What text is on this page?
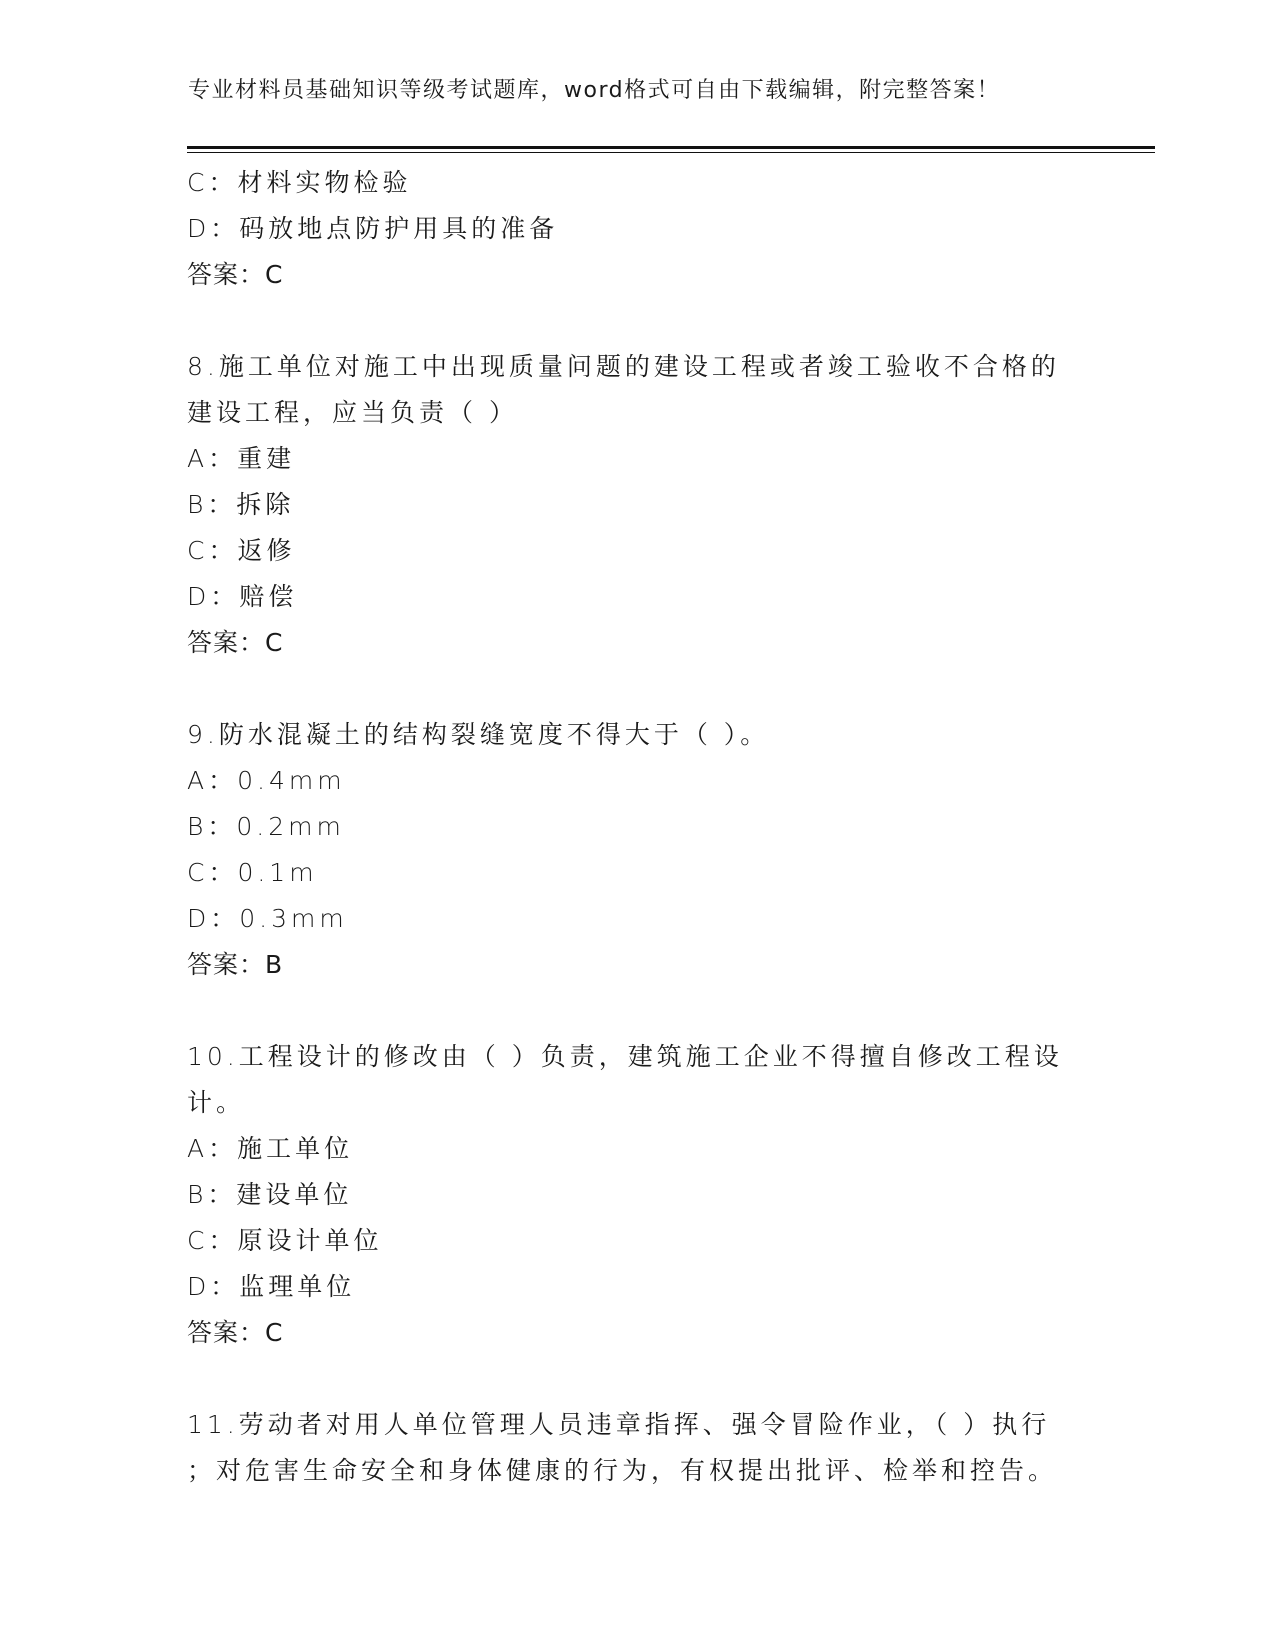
专业材料员基础知识等级考试题库，word格式可自由下载编辑，附完整答案！
C：材料实物检验
D：码放地点防护用具的准备
答案：C
8.施工单位对施工中出现质量问题的建设工程或者竣工验收不合格的
建设工程，应当负责（ ）
A：重建
B：拆除
C：返修
D：赔偿
答案：C
9.防水混凝土的结构裂缝宽度不得大于（ ）。
A：0.4mm
B：0.2mm
C：0.1m
D：0.3mm
答案：B
10.工程设计的修改由（ ）负责，建筑施工企业不得擅自修改工程设
计。
A：施工单位
B：建设单位
C：原设计单位
D：监理单位
答案：C
11.劳动者对用人单位管理人员违章指挥、强令冒险作业，（ ）执行
；对危害生命安全和身体健康的行为，有权提出批评、检举和控告。
